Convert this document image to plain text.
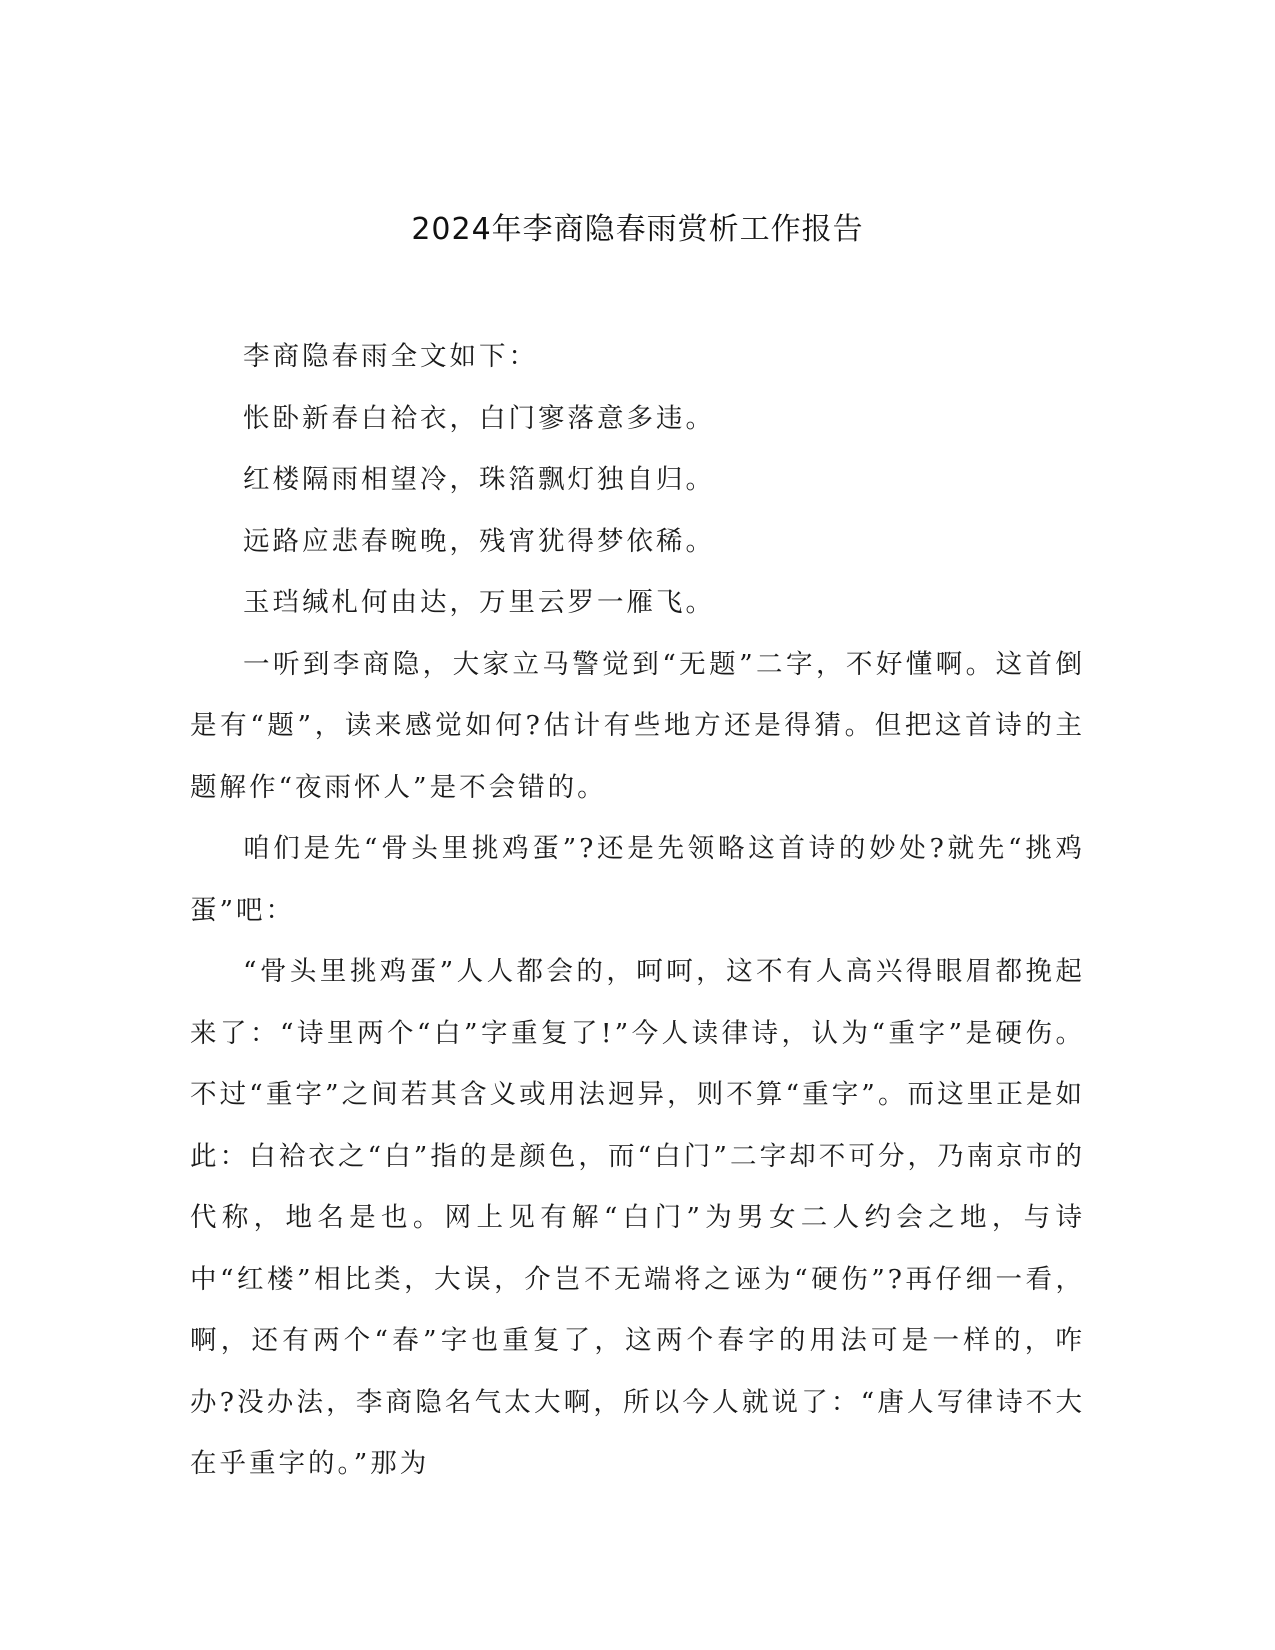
2024年李商隐春雨赏析工作报告

李商隐春雨全文如下：

怅卧新春白袷衣，白门寥落意多违。

红楼隔雨相望冷，珠箔飘灯独自归。

远路应悲春晼晚，残宵犹得梦依稀。

玉珰缄札何由达，万里云罗一雁飞。

一听到李商隐，大家立马警觉到“无题”二字，不好懂啊。这首倒是有“题”，读来感觉如何?估计有些地方还是得猜。但把这首诗的主题解作“夜雨怀人”是不会错的。

咱们是先“骨头里挑鸡蛋”?还是先领略这首诗的妙处?就先“挑鸡蛋”吧：

“骨头里挑鸡蛋”人人都会的，呵呵，这不有人高兴得眼眉都挽起来了：“诗里两个“白”字重复了!”今人读律诗，认为“重字”是硬伤。不过“重字”之间若其含义或用法迥异，则不算“重字”。而这里正是如此：白袷衣之“白”指的是颜色，而“白门”二字却不可分，乃南京市的代称，地名是也。网上见有解“白门”为男女二人约会之地，与诗中“红楼”相比类，大误，介岂不无端将之诬为“硬伤”?再仔细一看，啊，还有两个“春”字也重复了，这两个春字的用法可是一样的，咋办?没办法，李商隐名气太大啊，所以今人就说了：“唐人写律诗不大在乎重字的。”那为
